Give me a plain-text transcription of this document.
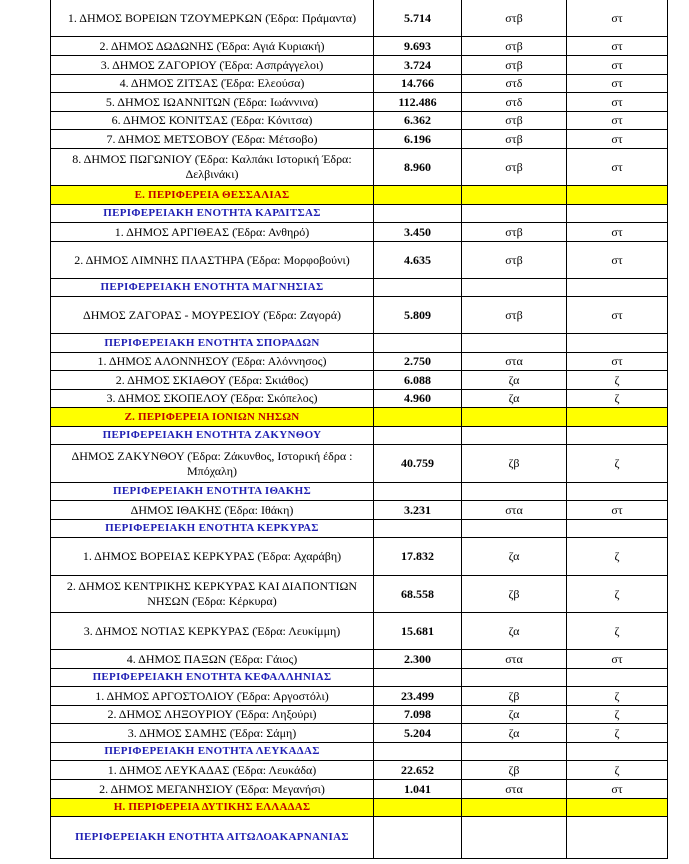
1. ΔΗΜΟΣ ΒΟΡΕΙΩΝ ΤΖΟΥΜΕΡΚΩΝ (Έδρα: Πράμαντα)	5.714	στβ	στ
2. ΔΗΜΟΣ ΔΩΔΩΝΗΣ (Έδρα: Αγιά Κυριακή)	9.693	στβ	στ
3. ΔΗΜΟΣ ΖΑΓΟΡΙΟΥ (Έδρα: Ασπράγγελοι)	3.724	στβ	στ
4. ΔΗΜΟΣ ΖΙΤΣΑΣ (Έδρα: Ελεούσα)	14.766	στδ	στ
5. ΔΗΜΟΣ ΙΩΑΝΝΙΤΩΝ (Έδρα: Ιωάννινα)	112.486	στδ	στ
6. ΔΗΜΟΣ ΚΟΝΙΤΣΑΣ (Έδρα: Κόνιτσα)	6.362	στβ	στ
7. ΔΗΜΟΣ ΜΕΤΣΟΒΟΥ (Έδρα: Μέτσοβο)	6.196	στβ	στ
8. ΔΗΜΟΣ ΠΩΓΩΝΙΟΥ (Έδρα: Καλπάκι Ιστορική Έδρα: Δελβινάκι)	8.960	στβ	στ
Ε. ΠΕΡΙΦΕΡΕΙΑ ΘΕΣΣΑΛΙΑΣ			
ΠΕΡΙΦΕΡΕΙΑΚΗ ΕΝΟΤΗΤΑ ΚΑΡΔΙΤΣΑΣ			
1. ΔΗΜΟΣ ΑΡΓΙΘΕΑΣ (Έδρα: Ανθηρό)	3.450	στβ	στ
2. ΔΗΜΟΣ ΛΙΜΝΗΣ ΠΛΑΣΤΗΡΑ (Έδρα: Μορφοβούνι)	4.635	στβ	στ
ΠΕΡΙΦΕΡΕΙΑΚΗ ΕΝΟΤΗΤΑ ΜΑΓΝΗΣΙΑΣ			
ΔΗΜΟΣ ΖΑΓΟΡΑΣ - ΜΟΥΡΕΣΙΟΥ (Έδρα: Ζαγορά)	5.809	στβ	στ
ΠΕΡΙΦΕΡΕΙΑΚΗ ΕΝΟΤΗΤΑ ΣΠΟΡΑΔΩΝ			
1. ΔΗΜΟΣ ΑΛΟΝΝΗΣΟΥ (Έδρα: Αλόννησος)	2.750	στα	στ
2. ΔΗΜΟΣ ΣΚΙΑΘΟΥ (Έδρα: Σκιάθος)	6.088	ζα	ζ
3. ΔΗΜΟΣ ΣΚΟΠΕΛΟΥ (Έδρα: Σκόπελος)	4.960	ζα	ζ
Ζ. ΠΕΡΙΦΕΡΕΙΑ ΙΟΝΙΩΝ ΝΗΣΩΝ			
ΠΕΡΙΦΕΡΕΙΑΚΗ ΕΝΟΤΗΤΑ ΖΑΚΥΝΘΟΥ			
ΔΗΜΟΣ ΖΑΚΥΝΘΟΥ (Έδρα: Ζάκυνθος, Ιστορική έδρα : Μπόχαλη)	40.759	ζβ	ζ
ΠΕΡΙΦΕΡΕΙΑΚΗ ΕΝΟΤΗΤΑ ΙΘΑΚΗΣ			
ΔΗΜΟΣ ΙΘΑΚΗΣ (Έδρα: Ιθάκη)	3.231	στα	στ
ΠΕΡΙΦΕΡΕΙΑΚΗ ΕΝΟΤΗΤΑ ΚΕΡΚΥΡΑΣ			
1. ΔΗΜΟΣ ΒΟΡΕΙΑΣ ΚΕΡΚΥΡΑΣ (Έδρα: Αχαράβη)	17.832	ζα	ζ
2. ΔΗΜΟΣ ΚΕΝΤΡΙΚΗΣ ΚΕΡΚΥΡΑΣ ΚΑΙ ΔΙΑΠΟΝΤΙΩΝ ΝΗΣΩΝ (Έδρα: Κέρκυρα)	68.558	ζβ	ζ
3. ΔΗΜΟΣ ΝΟΤΙΑΣ ΚΕΡΚΥΡΑΣ (Έδρα: Λευκίμμη)	15.681	ζα	ζ
4. ΔΗΜΟΣ ΠΑΞΩΝ (Έδρα: Γάιος)	2.300	στα	στ
ΠΕΡΙΦΕΡΕΙΑΚΗ ΕΝΟΤΗΤΑ ΚΕΦΑΛΛΗΝΙΑΣ			
1. ΔΗΜΟΣ ΑΡΓΟΣΤΟΛΙΟΥ (Έδρα: Αργοστόλι)	23.499	ζβ	ζ
2. ΔΗΜΟΣ ΛΗΞΟΥΡΙΟΥ (Έδρα: Ληξούρι)	7.098	ζα	ζ
3. ΔΗΜΟΣ ΣΑΜΗΣ (Έδρα: Σάμη)	5.204	ζα	ζ
ΠΕΡΙΦΕΡΕΙΑΚΗ ΕΝΟΤΗΤΑ ΛΕΥΚΑΔΑΣ			
1. ΔΗΜΟΣ ΛΕΥΚΑΔΑΣ (Έδρα: Λευκάδα)	22.652	ζβ	ζ
2. ΔΗΜΟΣ ΜΕΓΑΝΗΣΙΟΥ (Έδρα: Μεγανήσι)	1.041	στα	στ
Η. ΠΕΡΙΦΕΡΕΙΑ ΔΥΤΙΚΗΣ ΕΛΛΑΔΑΣ			
ΠΕΡΙΦΕΡΕΙΑΚΗ ΕΝΟΤΗΤΑ ΑΙΤΩΛΟΑΚΑΡΝΑΝΙΑΣ			
